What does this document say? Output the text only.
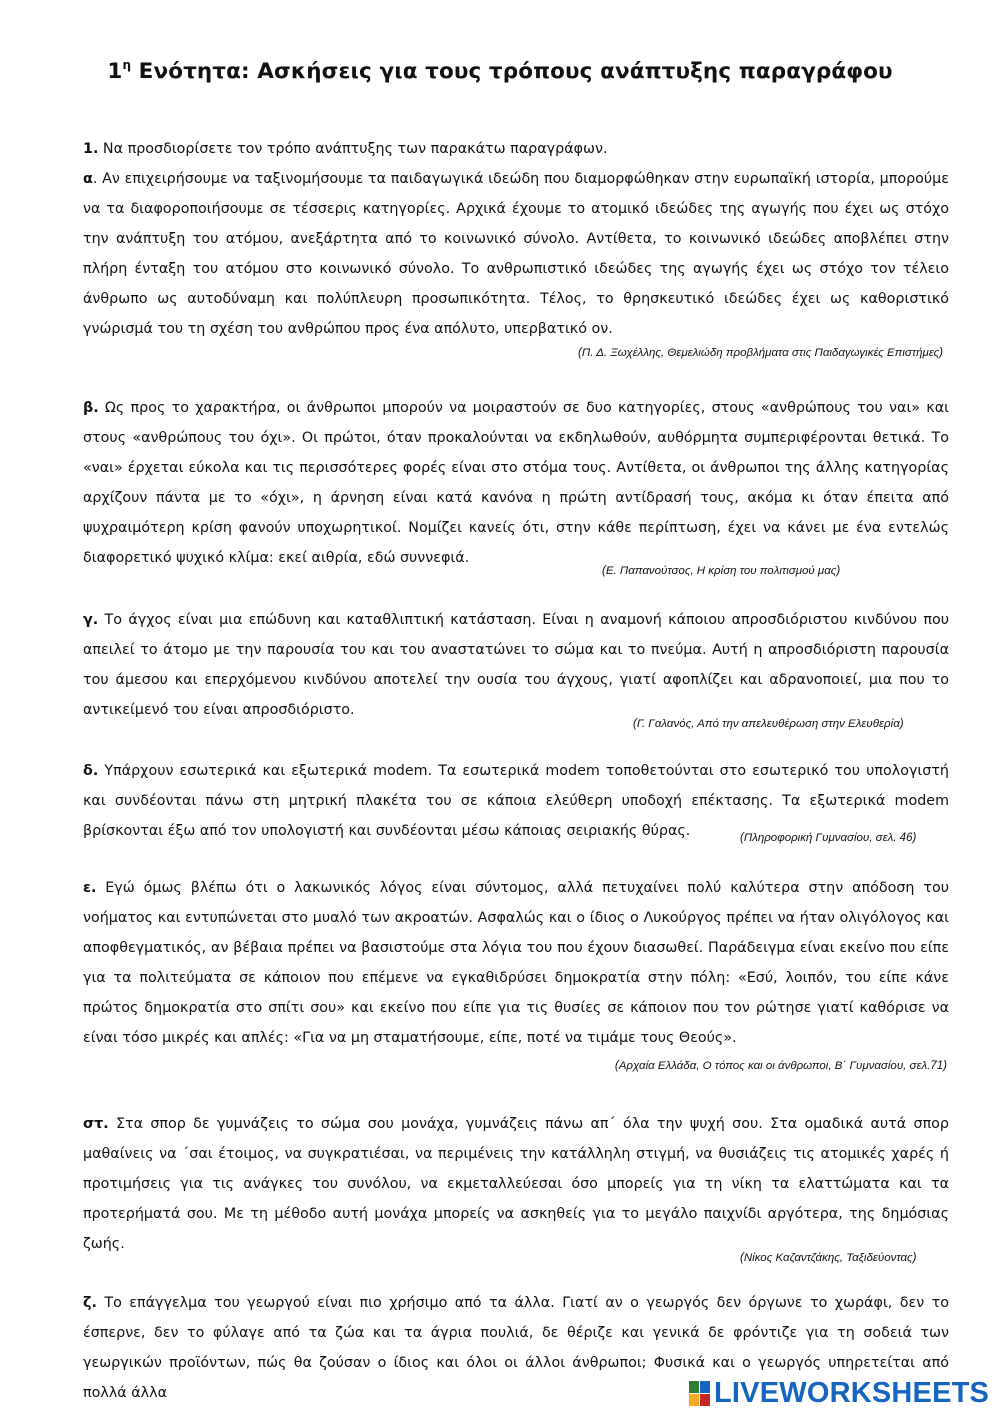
$1^\eta$ Ενότητα: Ασκήσεις για τους τρόπους ανάπτυξης παραγράφου

1. Να προσδιορίσετε τον τρόπο ανάπτυξης των παρακάτω παραγράφων.

α. Αν επιχειρήσουμε να ταξινομήσουμε τα παιδαγωγικά ιδεώδη που διαμορφώθηκαν στην ευρωπαϊκή ιστορία, μπορούμε να τα διαφοροποιήσουμε σε τέσσερις κατηγορίες. Αρχικά έχουμε το ατομικό ιδεώδες της αγωγής που έχει ως στόχο την ανάπτυξη του ατόμου, ανεξάρτητα από το κοινωνικό σύνολο. Αντίθετα, το κοινωνικό ιδεώδες αποβλέπει στην πλήρη ένταξη του ατόμου στο κοινωνικό σύνολο. Το ανθρωπιστικό ιδεώδες της αγωγής έχει ως στόχο τον τέλειο άνθρωπο ως αυτοδύναμη και πολύπλευρη προσωπικότητα. Τέλος, το θρησκευτικό ιδεώδες έχει ως καθοριστικό γνώρισμά του τη σχέση του ανθρώπου προς ένα απόλυτο, υπερβατικό ον.

(Π. Δ. Ξωχέλλης, Θεμελιώδη προβλήματα στις Παιδαγωγικές Επιστήμες)

β. Ως προς το χαρακτήρα, οι άνθρωποι μπορούν να μοιραστούν σε δυο κατηγορίες, στους «ανθρώπους του ναι» και στους «ανθρώπους του όχι». Οι πρώτοι, όταν προκαλούνται να εκδηλωθούν, αυθόρμητα συμπεριφέρονται θετικά. Το «ναι» έρχεται εύκολα και τις περισσότερες φορές είναι στο στόμα τους. Αντίθετα, οι άνθρωποι της άλλης κατηγορίας αρχίζουν πάντα με το «όχι», η άρνηση είναι κατά κανόνα η πρώτη αντίδρασή τους, ακόμα κι όταν έπειτα από ψυχραιμότερη κρίση φανούν υποχωρητικοί. Νομίζει κανείς ότι, στην κάθε περίπτωση, έχει να κάνει με ένα εντελώς διαφορετικό ψυχικό κλίμα: εκεί αιθρία, εδώ συννεφιά.

(Ε. Παπανούτσος, Η κρίση του πολιτισμού μας)

γ. Το άγχος είναι μια επώδυνη και καταθλιπτική κατάσταση. Είναι η αναμονή κάποιου απροσδιόριστου κινδύνου που απειλεί το άτομο με την παρουσία του και του αναστατώνει το σώμα και το πνεύμα. Αυτή η απροσδιόριστη παρουσία του άμεσου και επερχόμενου κινδύνου αποτελεί την ουσία του άγχους, γιατί αφοπλίζει και αδρανοποιεί, μια που το αντικείμενό του είναι απροσδιόριστο.

(Γ. Γαλανός, Από την απελευθέρωση στην Ελευθερία)

δ. Υπάρχουν εσωτερικά και εξωτερικά modem. Τα εσωτερικά modem τοποθετούνται στο εσωτερικό του υπολογιστή και συνδέονται πάνω στη μητρική πλακέτα του σε κάποια ελεύθερη υποδοχή επέκτασης. Τα εξωτερικά modem βρίσκονται έξω από τον υπολογιστή και συνδέονται μέσω κάποιας σειριακής θύρας.	(Πληροφορική Γυμνασίου, σελ. 46)

ε. Εγώ όμως βλέπω ότι ο λακωνικός λόγος είναι σύντομος, αλλά πετυχαίνει πολύ καλύτερα στην απόδοση του νοήματος και εντυπώνεται στο μυαλό των ακροατών. Ασφαλώς και ο ίδιος ο Λυκούργος πρέπει να ήταν ολιγόλογος και αποφθεγματικός, αν βέβαια πρέπει να βασιστούμε στα λόγια του που έχουν διασωθεί. Παράδειγμα είναι εκείνο που είπε για τα πολιτεύματα σε κάποιον που επέμενε να εγκαθιδρύσει δημοκρατία στην πόλη: «Εσύ, λοιπόν, του είπε κάνε πρώτος δημοκρατία στο σπίτι σου» και εκείνο που είπε για τις θυσίες σε κάποιον που τον ρώτησε γιατί καθόρισε να είναι τόσο μικρές και απλές: «Για να μη σταματήσουμε, είπε, ποτέ να τιμάμε τους Θεούς».

(Αρχαία Ελλάδα, Ο τόπος και οι άνθρωποι, Β΄ Γυμνασίου, σελ.71)

στ. Στα σπορ δε γυμνάζεις το σώμα σου μονάχα, γυμνάζεις πάνω απ΄ όλα την ψυχή σου. Στα ομαδικά αυτά σπορ μαθαίνεις να ΄σαι έτοιμος, να συγκρατιέσαι, να περιμένεις την κατάλληλη στιγμή, να θυσιάζεις τις ατομικές χαρές ή προτιμήσεις για τις ανάγκες του συνόλου, να εκμεταλλεύεσαι όσο μπορείς για τη νίκη τα ελαττώματα και τα προτερήματά σου. Με τη μέθοδο αυτή μονάχα μπορείς να ασκηθείς για το μεγάλο παιχνίδι αργότερα, της δημόσιας ζωής.

(Νίκος Καζαντζάκης, Ταξιδεύοντας)

ζ. Το επάγγελμα του γεωργού είναι πιο χρήσιμο από τα άλλα. Γιατί αν ο γεωργός δεν όργωνε το χωράφι, δεν το έσπερνε, δεν το φύλαγε από τα ζώα και τα άγρια πουλιά, δε θέριζε και γενικά δε φρόντιζε για τη σοδειά των γεωργικών προϊόντων, πώς θα ζούσαν ο ίδιος και όλοι οι άλλοι άνθρωποι; Φυσικά και ο γεωργός υπηρετείται από πολλά άλλα	LIVEWORKSHEETS
